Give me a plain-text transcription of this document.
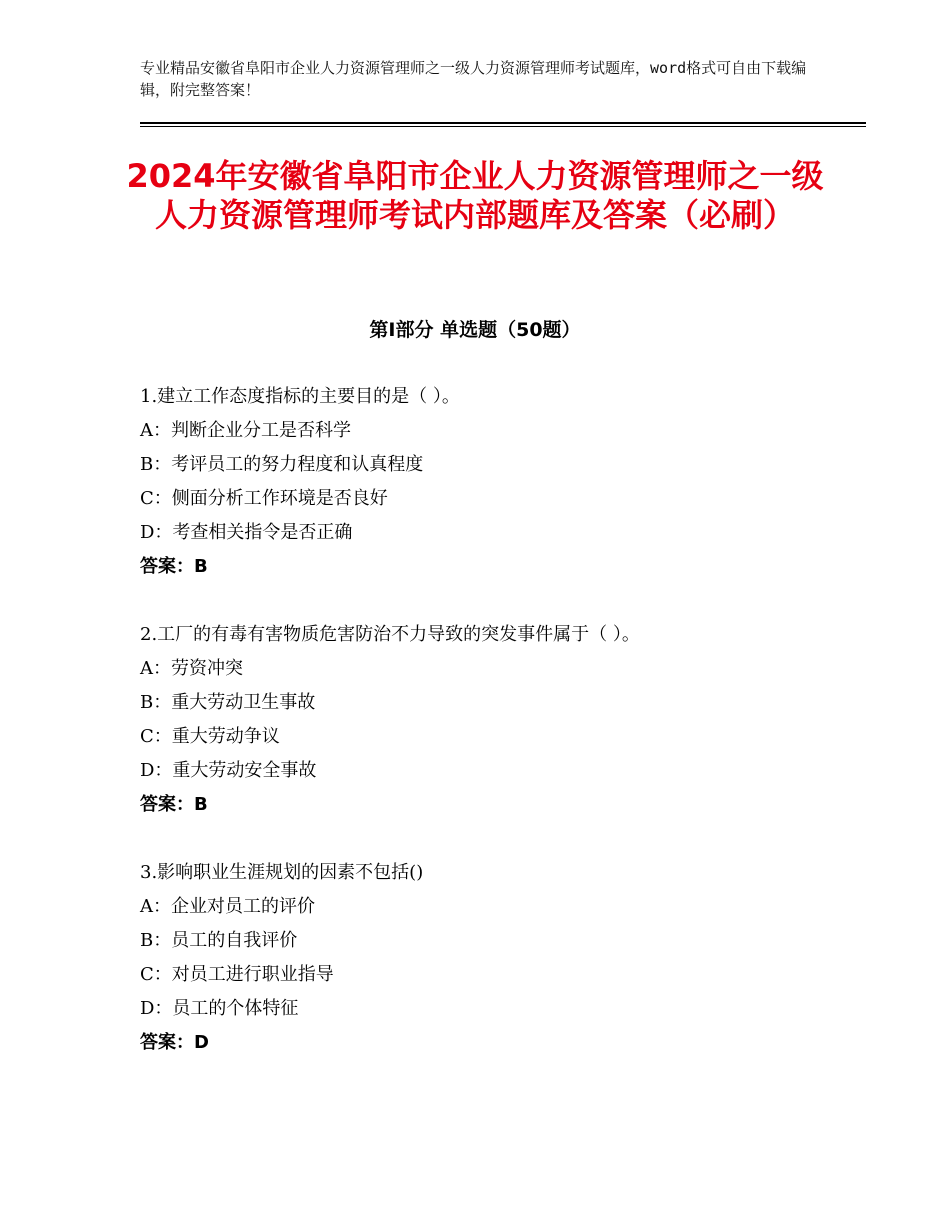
专业精品安徽省阜阳市企业人力资源管理师之一级人力资源管理师考试题库，word格式可自由下载编辑，附完整答案！
2024年安徽省阜阳市企业人力资源管理师之一级人力资源管理师考试内部题库及答案（必刷）
第Ⅰ部分 单选题（50题）
1.建立工作态度指标的主要目的是（ ）。
A：判断企业分工是否科学
B：考评员工的努力程度和认真程度
C：侧面分析工作环境是否良好
D：考查相关指令是否正确
答案：B
2.工厂的有毒有害物质危害防治不力导致的突发事件属于（ ）。
A：劳资冲突
B：重大劳动卫生事故
C：重大劳动争议
D：重大劳动安全事故
答案：B
3.影响职业生涯规划的因素不包括()
A：企业对员工的评价
B：员工的自我评价
C：对员工进行职业指导
D：员工的个体特征
答案：D
